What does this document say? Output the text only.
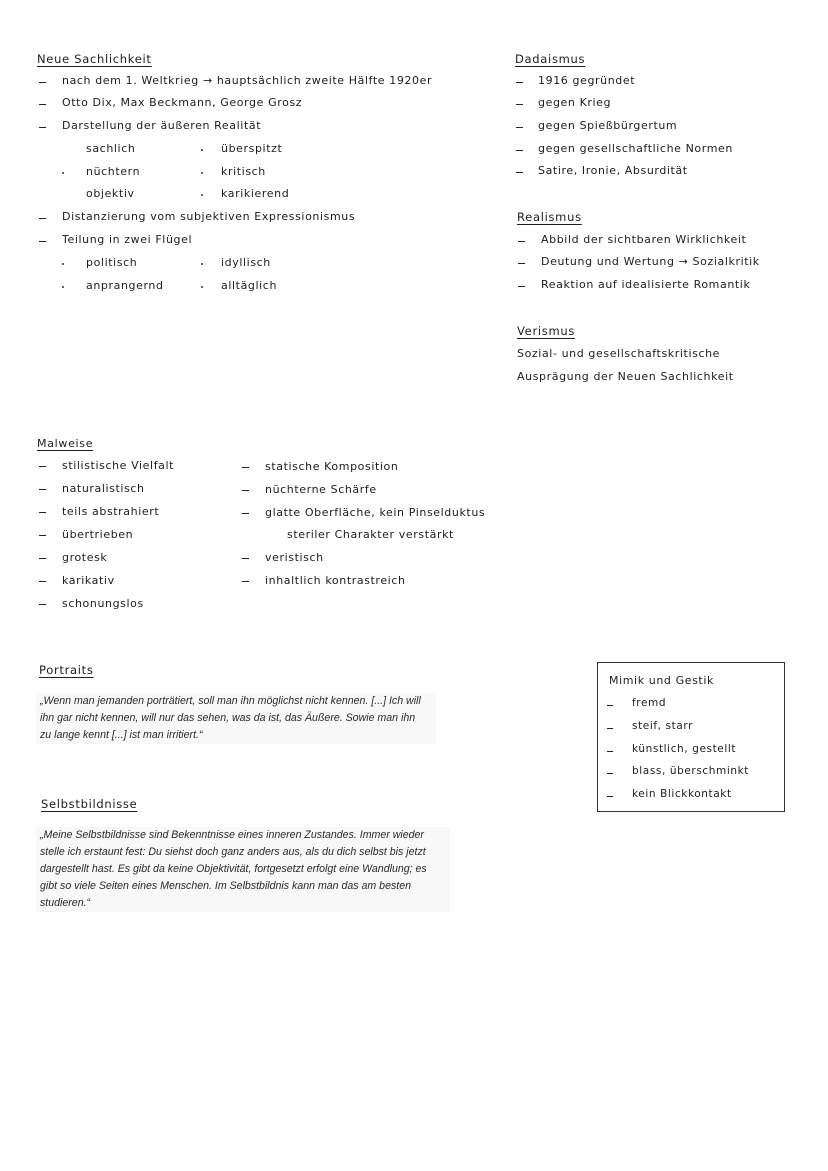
Neue Sachlichkeit
nach dem 1. Weltkrieg → hauptsächlich zweite Hälfte 1920er
Otto Dix, Max Beckmann, George Grosz
Darstellung der äußeren Realität
sachlich
nüchtern
objektiv
überspitzt
kritisch
karikierend
Distanzierung vom subjektiven Expressionismus
Teilung in zwei Flügel
politisch
anprangernd
idyllisch
alltäglich
Dadaismus
1916 gegründet
gegen Krieg
gegen Spießbürgertum
gegen gesellschaftliche Normen
Satire, Ironie, Absurdität
Realismus
Abbild der sichtbaren Wirklichkeit
Deutung und Wertung → Sozialkritik
Reaktion auf idealisierte Romantik
Verismus
Sozial- und gesellschaftskritische
Ausprägung der Neuen Sachlichkeit
Malweise
stilistische Vielfalt
naturalistisch
teils abstrahiert
übertrieben
grotesk
karikativ
schonungslos
statische Komposition
nüchterne Schärfe
glatte Oberfläche, kein Pinselduktus
steriler Charakter verstärkt
veristisch
inhaltlich kontrastreich
Portraits
„Wenn man jemanden porträtiert, soll man ihn möglichst nicht kennen. [...] Ich will
ihn gar nicht kennen, will nur das sehen, was da ist, das Äußere. Sowie man ihn
zu lange kennt [...] ist man irritiert.“
Mimik und Gestik
fremd
steif, starr
künstlich, gestellt
blass, überschminkt
kein Blickkontakt
Selbstbildnisse
„Meine Selbstbildnisse sind Bekenntnisse eines inneren Zustandes. Immer wieder
stelle ich erstaunt fest: Du siehst doch ganz anders aus, als du dich selbst bis jetzt
dargestellt hast. Es gibt da keine Objektivität, fortgesetzt erfolgt eine Wandlung; es
gibt so viele Seiten eines Menschen. Im Selbstbildnis kann man das am besten
studieren.“
